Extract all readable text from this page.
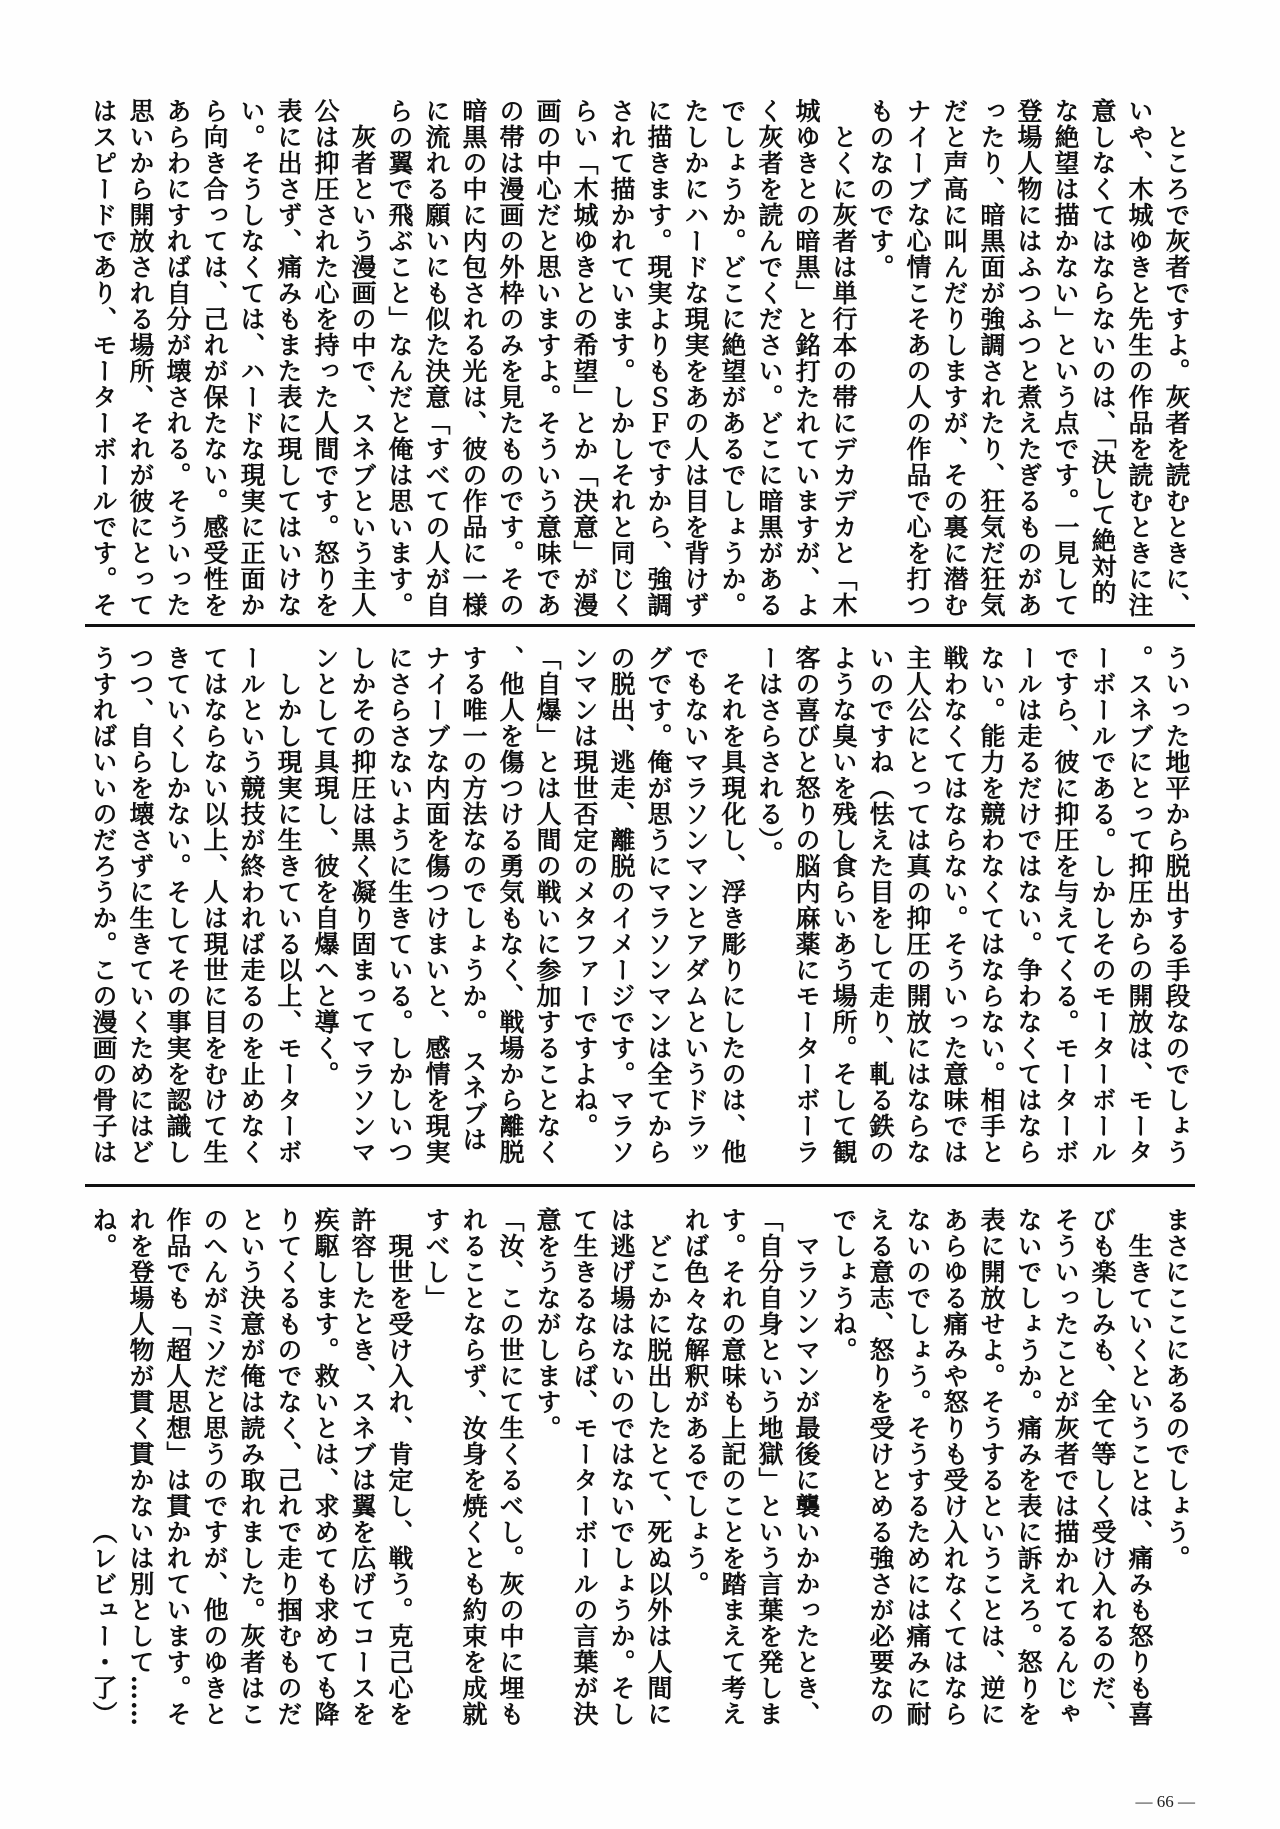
　ところで灰者ですよ。灰者を読むときに、
いや、木城ゆきと先生の作品を読むときに注
意しなくてはならないのは、「決して絶対的
な絶望は描かない」という点です。一見して
登場人物にはふつふつと煮えたぎるものがあ
ったり、暗黒面が強調されたり、狂気だ狂気
だと声高に叫んだりしますが、その裏に潜む
ナイーブな心情こそあの人の作品で心を打つ
ものなのです。
　とくに灰者は単行本の帯にデカデカと「木
城ゆきとの暗黒」と銘打たれていますが、よ
く灰者を読んでください。どこに暗黒がある
でしょうか。どこに絶望があるでしょうか。
たしかにハードな現実をあの人は目を背けず
に描きます。現実よりもＳＦですから、強調
されて描かれています。しかしそれと同じく
らい「木城ゆきとの希望」とか「決意」が漫
画の中心だと思いますよ。そういう意味であ
の帯は漫画の外枠のみを見たものです。その
暗黒の中に内包される光は、彼の作品に一様
に流れる願いにも似た決意「すべての人が自
らの翼で飛ぶこと」なんだと俺は思います。
　灰者という漫画の中で、スネブという主人
公は抑圧された心を持った人間です。怒りを
表に出さず、痛みもまた表に現してはいけな
い。そうしなくては、ハードな現実に正面か
ら向き合っては、己れが保たない。感受性を
あらわにすれば自分が壊される。そういった
思いから開放される場所、それが彼にとって
はスピードであり、モーターボールです。そ
ういった地平から脱出する手段なのでしょう
。スネブにとって抑圧からの開放は、モータ
ーボールである。しかしそのモーターボール
ですら、彼に抑圧を与えてくる。モーターボ
ールは走るだけではない。争わなくてはなら
ない。能力を競わなくてはならない。相手と
戦わなくてはならない。そういった意味では
主人公にとっては真の抑圧の開放にはならな
いのですね（怯えた目をして走り、軋る鉄の
ような臭いを残し食らいあう場所。そして観
客の喜びと怒りの脳内麻薬にモーターボーラ
ーはさらされる）。
　それを具現化し、浮き彫りにしたのは、他
でもないマラソンマンとアダムというドラッ
グです。俺が思うにマラソンマンは全てから
の脱出、逃走、離脱のイメージです。マラソ
ンマンは現世否定のメタファーですよね。
「自爆」とは人間の戦いに参加することなく
、他人を傷つける勇気もなく、戦場から離脱
する唯一の方法なのでしょうか。　スネブは
ナイーブな内面を傷つけまいと、感情を現実
にさらさないように生きている。しかしいつ
しかその抑圧は黒く凝り固まってマラソンマ
ンとして具現し、彼を自爆へと導く。
　しかし現実に生きている以上、モーターボ
ールという競技が終われば走るのを止めなく
てはならない以上、人は現世に目をむけて生
きていくしかない。そしてその事実を認識し
つつ、自らを壊さずに生きていくためにはど
うすればいいのだろうか。この漫画の骨子は
（レビュー・了）
まさにここにあるのでしょう。
　生きていくということは、痛みも怒りも喜
びも楽しみも、全て等しく受け入れるのだ、
そういったことが灰者では描かれてるんじゃ
ないでしょうか。痛みを表に訴えろ。怒りを
表に開放せよ。そうするということは、逆に
あらゆる痛みや怒りも受け入れなくてはなら
ないのでしょう。そうするためには痛みに耐
える意志、怒りを受けとめる強さが必要なの
でしょうね。
　マラソンマンが最後に襲いかかったとき、
「自分自身という地獄」という言葉を発しま
す。それの意味も上記のことを踏まえて考え
れば色々な解釈があるでしょう。
　どこかに脱出したとて、死ぬ以外は人間に
は逃げ場はないのではないでしょうか。そし
て生きるならば、モーターボールの言葉が決
意をうながします。
「汝、この世にて生くるべし。灰の中に埋も
れることならず、汝身を焼くとも約束を成就
すべし」
　現世を受け入れ、肯定し、戦う。克己心を
許容したとき、スネブは翼を広げてコースを
疾駆します。救いとは、求めても求めても降
りてくるものでなく、己れで走り掴むものだ
という決意が俺は読み取れました。灰者はこ
のへんがミソだと思うのですが、他のゆきと
作品でも「超人思想」は貫かれています。そ
れを登場人物が貫く貫かないは別として……
ね。
— 66 —
